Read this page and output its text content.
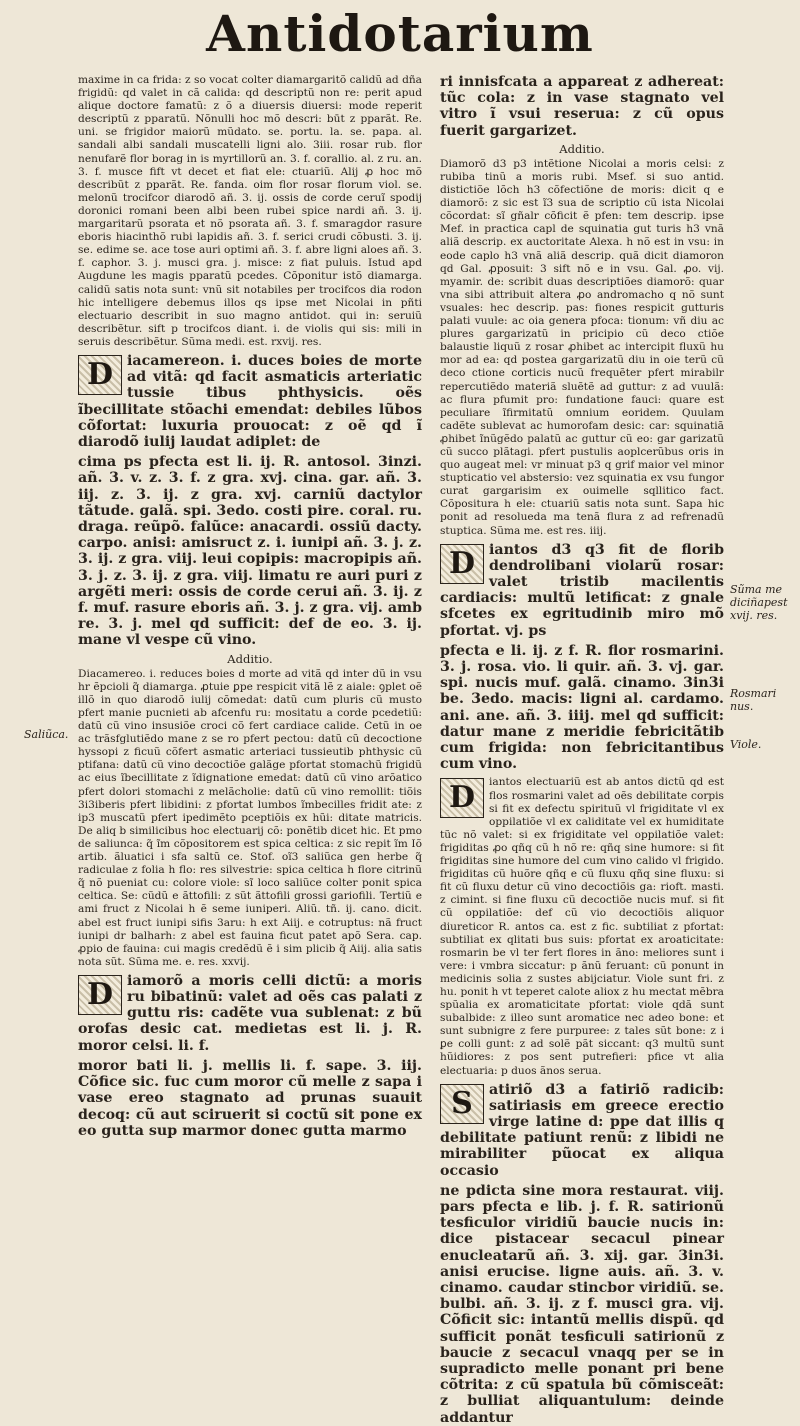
Antidotarium

maxime in ca frida: z so vocat colter diamargaritõ calidũ ad dña frigidũ: qd valet in cã calida: qd descriptũ non re: perit apud alique doctore famatũ: z õ a diuersis diuersi: mode reperit descriptũ z pparatũ. Nõnulli hoc mõ descri: būt z pparãt. Re. uni. se frigidor maiorũ mũdato. se. portu. la. se. papa. al. sandali albi sandali muscatelli ligni alo. 3iii. rosar rub. flor nenufarẽ flor borag in is myrtillorũ an. 3. f. corallio. al. z ru. an. 3. f. musce fift vt decet et fiat ele: ctuariũ. Alij ꝓ hoc mõ describũt z pparãt. Re. fanda. oim flor rosar florum viol. se. melonũ trocifcor diarodõ añ. 3. ij. ossis de corde ceruĩ spodij doronici romani been albi been rubei spice nardi añ. 3. ij. margaritarũ psorata et nõ psorata añ. 3. f. smaragdor rasure eboris hiacinthõ rubi lapidis añ. 3. f. serici crudi cõbusti. 3. ij. se. edime se. ace tose auri optimi añ. 3. f. abre ligni aloes añ. 3. f. caphor. 3. j. musci gra. j. misce: z fiat puluis. Istud apd Augdune les magis pparatũ pcedes. Cõponitur istõ diamarga. calidũ satis nota sunt: vnũ sit notabiles per trocifcos dia rodon hic intelligere debemus illos qs ipse met Nicolai in pñti electuario describit in suo magno antidot. qui in: seruiũ describẽtur. sift p trocifcos diant. i. de violis qui sis: mili in seruis describẽtur. Sũma medi. est. rxvij. res.

D iacamereon. i. duces boies de morte ad vitã: qd facit asmaticis arteriatic tussie tibus phthysicis. oẽs ĩbecillitate stõachi emendat: debiles lũbos cõfortat: luxuria prouocat: z oẽ qd ĩ diarodõ iulij laudat adiplet: de

cima ps pfecta est li. ij. R. antosol. 3inzi. añ. 3. v. z. 3. f. z gra. xvj. cina. gar. añ. 3. iij. z. 3. ij. z gra. xvj. carniũ dactylor tãtude. galã. spi. 3edo. costi pire. coral. ru. draga. reũpõ. falũce: anacardi. ossiũ dacty. carpo. anisi: amisruct z. i. iunipi añ. 3. j. z. 3. ij. z gra. viij. leui copipis: macropipis añ. 3. j. z. 3. ij. z gra. viij. limatu re auri puri z argẽti meri: ossis de corde cerui añ. 3. ij. z f. muf. rasure eboris añ. 3. j. z gra. vij. amb re. 3. j. mel qd sufficit: def de eo. 3. ij. mane vl vespe cũ vino.

Additio.

Diacamereo. i. reduces boies d morte ad vitã qd inter dũ in vsu hr ẽpcioli q̃ diamarga. ꝓtuie ꝑpe respicit vitã lẽ z aiale: ꝯplet oẽ illõ in quo diarodõ iulij cõmedat: datũ cum pluris cũ musto pfert manie pucnieti ab afcenfu ru: mositatu a corde pcedetiũ: datũ cũ vino insusiõe croci cõ fert cardiace calide. Cetũ in oe ac trãsfglutiẽdo mane z se ro pfert pectou: datũ cũ decoctione hyssopi z ficuũ cõfert asmatic arteriaci tussieutib phthysic cũ ptifana: datũ cũ vino decoctiõe galãge pfortat stomachũ frigidũ ac eius ĩbecillitate z ĩdignatione emedat: datũ cũ vino arõatico pfert dolori stomachi z melãcholie: datũ cũ vino remollit: tiõis 3i3iberis pfert libidini: z pfortat lumbos ĩmbecilles fridit ate: z ip3 muscatũ pfert ipedimẽto pceptiõis ex hũi: ditate matricis. De aliq b similicibus hoc electuarij cõ: ponẽtib dicet hic. Et pmo de saliunca: q̃ ĩm cõpositorem est spica celtica: z sic repit ĩm Iõ artib. ãluatici i sfa saltũ ce. Stof. oĩ3 saliũca gen herbe q̃ radiculae z folia h flo: res silvestrie: spica celtica h flore citrinũ q̃ nõ pueniat cu: colore viole: sĩ loco saliũce colter ponit spica celtica. Se: cũdũ e ãttofili: z sũt ãttofili grossi gariofili. Tertiũ e ami fruct z Nicolai h ẽ seme iuniperi. Aliũ. tñ. ij. cano. dicit. abel est fruct iunipi sifis 3aru: h ext Aiij. e cotruptus: nã fruct iunipi dr balharh: z abel est fauina ficut patet apõ Sera. cap. ꝓpio de fauina: cui magis credẽdũ ẽ i sim plicib q̃ Aiij. alia satis nota sũt. Sũma me. e. res. xxvij.

D iamorõ a moris celli dictũ: a moris ru bibatinũ: valet ad oẽs cas palati z guttu ris: cadẽte vua sublenat: z bũ orofas desic cat. medietas est li. j. R. moror celsi. li. f.

moror bati li. j. mellis li. f. sape. 3. iij. Cõfice sic. fuc cum moror cũ melle z sapa i vase ereo stagnato ad prunas suauit decoq: cũ aut sciruerit si coctũ sit pone ex eo gutta sup marmor donec gutta marmo

ri innisfcata a appareat z adhereat: tũc cola: z in vase stagnato vel vitro ĩ vsui reserua: z cũ opus fuerit gargarizet.

Additio.

Diamorõ d3 p3 intẽtione Nicolai a moris celsi: z rubiba tinũ a moris rubi. Msef. si suo antid. distictiõe lõch h3 cõfectiõne de moris: dicit q e diamorõ: z sic est ĩ3 sua de scriptio cũ ista Nicolai cõcordat: sĩ gñalr cõficit ẽ pfen: tem descrip. ipse Mef. in practica capl de squinatia gut turis h3 vnã aliã descrip. ex auctoritate Alexa. h nõ est in vsu: in eode caplo h3 vnã aliã descrip. quã dicit diamoron qd Gal. ꝓposuit: 3 sift nõ e in vsu. Gal. ꝓo. vij. myamir. de: scribit duas descriptiões diamorõ: quar vna sibi attribuit altera ꝓo andromacho q nõ sunt vsuales: hec descrip. pas: fiones respicit gutturis palati vuule: ac oia genera pfoca: tionum: vñ diu ac plures gargarizatũ in pricipio cũ deco ctiõe balaustie liquũ z rosar ꝓhibet ac intercipit fluxũ hu mor ad ea: qd postea gargarizatũ diu in oie terũ cũ deco ctione corticis nucũ frequẽter pfert mirabilr repercutiẽdo materiã sluẽtẽ ad guttur: z ad vuulã: ac flura pfumit pro: fundatione fauci: quare est peculiare ĩfirmitatũ omnium eoridem. Quulam cadẽte sublevat ac humorofam desic: car: squinatiã ꝓhibet ĩnũgẽdo palatũ ac guttur cũ eo: gar garizatũ cũ succo plãtagi. pfert pustulis aoplcerũbus oris in quo augeat mel: vr minuat p3 q grif maior vel minor stupticatio vel abstersio: vez squinatia ex vsu fungor curat gargarisim ex ouimelle sqllitico fact. Cõpositura h ele: ctuariũ satis nota sunt. Sapa hic ponit ad resolueda ma tenã flura z ad refrenadũ stuptica. Sũma me. est res. iiij.

D iantos d3 q3 fit de florib dendrolibani violarũ rosar: valet tristib macilentis cardiacis: multũ letificat: z gnale sfcetes ex egritudinib miro mõ pfortat. vj. ps

pfecta e li. ij. z f. R. flor rosmarini. 3. j. rosa. vio. li quir. añ. 3. vj. gar. spi. nucis muf. galã. cinamo. 3in3i be. 3edo. macis: ligni al. cardamo. ani. ane. añ. 3. iiij. mel qd sufficit: datur mane z meridie febricitãtib cum frigida: non febricitantibus cum vino.

D	iantos electuariũ est ab antos dictũ qd est flos rosmarini valet ad oẽs debilitate corpis si fit ex defectu spirituũ vl frigiditate vl ex oppilatiõe vl ex caliditate vel ex humiditate tũc nõ valet: si ex frigiditate vel oppilatiõe valet: frigiditas ꝓo qñq cũ h nõ re: qñq sine humore: si fit frigiditas sine humore del cum vino calido vl frigido. frigiditas cũ huõre qñq e cũ fluxu qñq sine fluxu: si fit cũ fluxu detur cũ vino decoctiõis ga: rioft. masti. z cimint. si fine fluxu cũ decoctiõe nucis muf. si fit cũ oppilatiõe: def cũ vio decoctiõis aliquor diureticor R. antos ca. est z fic. subtiliat z pfortat: subtiliat ex qlitati bus suis: pfortat ex aroaticitate: rosmarin be vl ter fert flores in ãno: meliores sunt i vere: i vmbra siccatur: p ãnũ feruant: cũ ponunt in medicinis solia z sustes abijciatur. Viole sunt fri. z hu. ponit h vt teperet calote aliox z hu mectat mẽbra spũalia ex aromaticitate pfortat: viole qdã sunt subalbide: z illeo sunt aromatice nec adeo bone: et sunt subnigre z fere purpuree: z tales sũt bone: z i ꝑe colli gunt: z ad solẽ pãt siccant: q3 multũ sunt hũidiores: z pos sent putrefieri: pfice vt alia electuaria: p duos ãnos serua.

S	atiriõ d3 a fatiriõ radicib: satiriasis em greece erectio virge latine d: ppe dat illis q debilitate patiunt renũ: z libidi ne mirabiliter pũocat ex aliqua occasio

ne pdicta sine mora restaurat. viij. pars pfecta e lib. j. f. R. satirionũ tesficulor viridiũ baucie nucis in: dice pistacear secacul pinear enucleatarũ añ. 3. xij. gar. 3in3i. anisi erucise. ligne auis. añ. 3. v. cinamo. caudar stincbor viridiũ. se. bulbi. añ. 3. ij. z f. musci gra. vij. Cõficit sic: intantũ mellis dispũ. qd sufficit ponãt tesficuli satirionũ z baucie z secacul vnaqq per se in supradicto melle ponant pri bene cõtrita: z cũ spatula bũ cõmisceãt: z bulliat aliquantulum: deinde addantur

Saliũca.
Sũma me diciñapest xvij. res.
Rosmari nus.
Viole.
